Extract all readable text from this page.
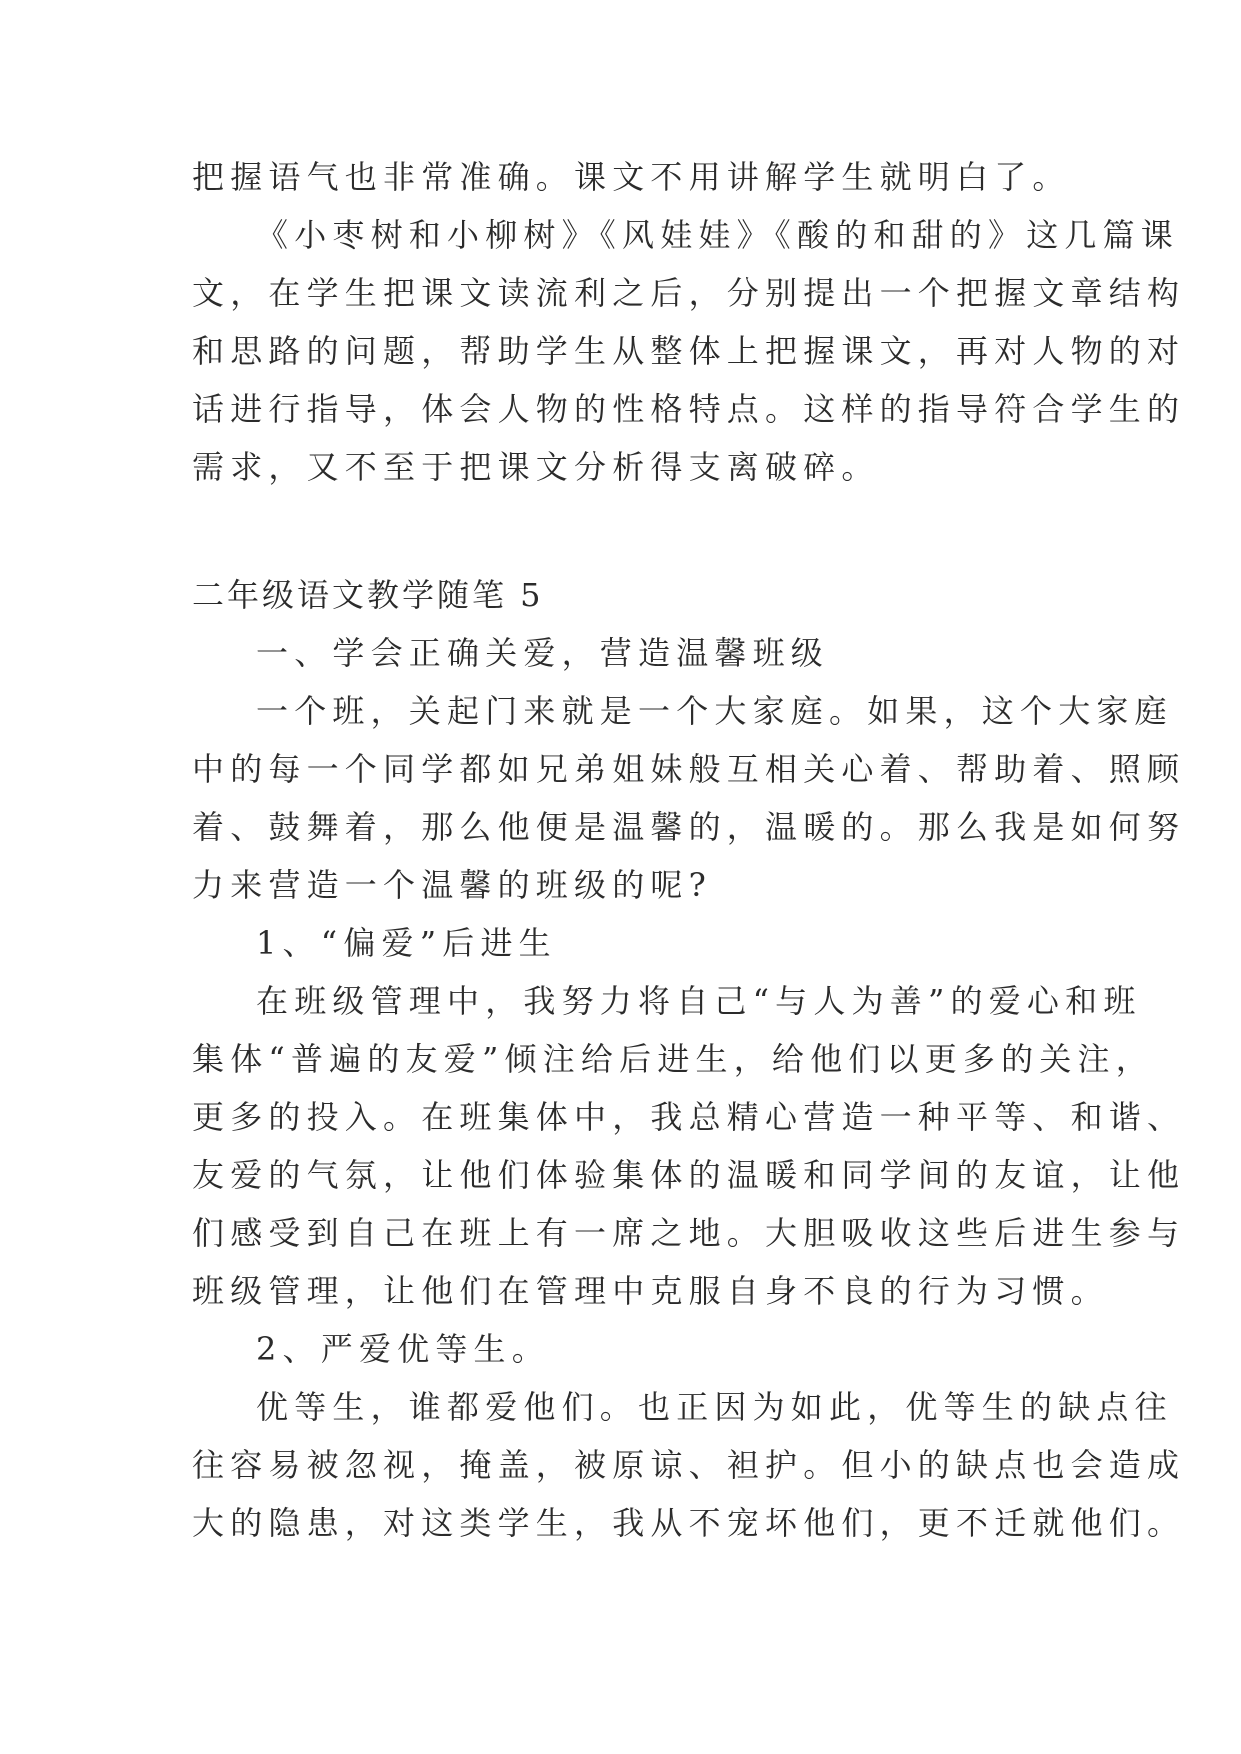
把握语气也非常准确。课文不用讲解学生就明白了。
《小枣树和小柳树》《风娃娃》《酸的和甜的》这几篇课
文，在学生把课文读流利之后，分别提出一个把握文章结构
和思路的问题，帮助学生从整体上把握课文，再对人物的对
话进行指导，体会人物的性格特点。这样的指导符合学生的
需求，又不至于把课文分析得支离破碎。
二年级语文教学随笔 5
一、学会正确关爱，营造温馨班级
一个班，关起门来就是一个大家庭。如果，这个大家庭
中的每一个同学都如兄弟姐妹般互相关心着、帮助着、照顾
着、鼓舞着，那么他便是温馨的，温暖的。那么我是如何努
力来营造一个温馨的班级的呢?
1、“偏爱”后进生
在班级管理中，我努力将自己“与人为善”的爱心和班
集体“普遍的友爱”倾注给后进生，给他们以更多的关注，
更多的投入。在班集体中，我总精心营造一种平等、和谐、
友爱的气氛，让他们体验集体的温暖和同学间的友谊，让他
们感受到自己在班上有一席之地。大胆吸收这些后进生参与
班级管理，让他们在管理中克服自身不良的行为习惯。
2、严爱优等生。
优等生，谁都爱他们。也正因为如此，优等生的缺点往
往容易被忽视，掩盖，被原谅、袒护。但小的缺点也会造成
大的隐患，对这类学生，我从不宠坏他们，更不迁就他们。
